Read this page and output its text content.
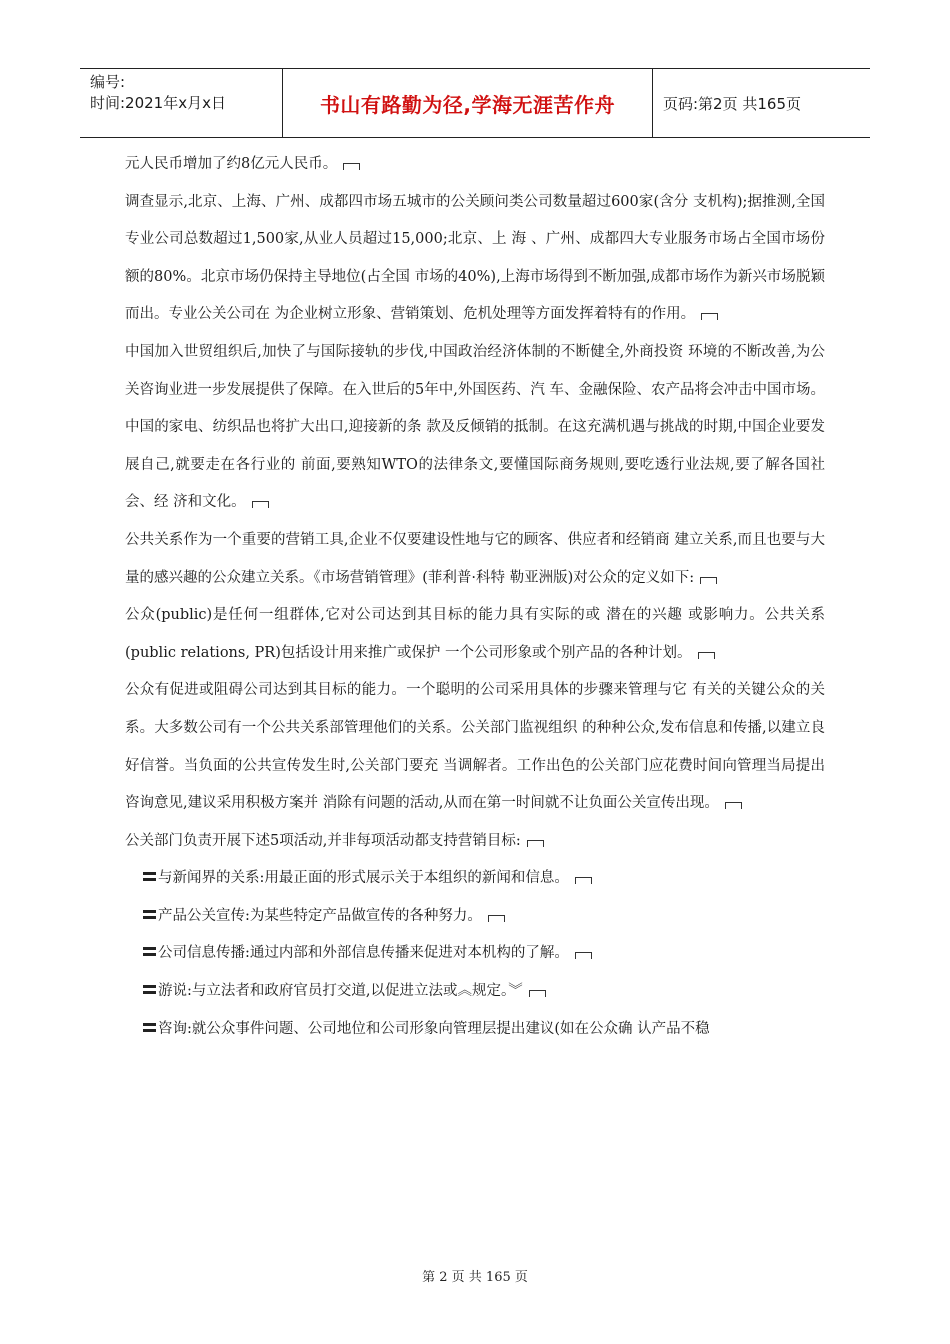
编号:
时间:2021年x月x日	书山有路勤为径,学海无涯苦作舟	页码:第2页 共165页

元人民币增加了约8亿元人民币。

调查显示,北京、上海、广州、成都四市场五城市的公关顾问类公司数量超过600家(含分 支机构);据推测,全国专业公司总数超过1,500家,从业人员超过15,000;北京、上 海 、广州、成都四大专业服务市场占全国市场份额的80%。北京市场仍保持主导地位(占全国 市场的40%),上海市场得到不断加强,成都市场作为新兴市场脱颖而出。专业公关公司在 为企业树立形象、营销策划、危机处理等方面发挥着特有的作用。

中国加入世贸组织后,加快了与国际接轨的步伐,中国政治经济体制的不断健全,外商投资 环境的不断改善,为公关咨询业进一步发展提供了保障。在入世后的5年中,外国医药、汽 车、金融保险、农产品将会冲击中国市场。中国的家电、纺织品也将扩大出口,迎接新的条 款及反倾销的抵制。在这充满机遇与挑战的时期,中国企业要发展自己,就要走在各行业的 前面,要熟知WTO的法律条文,要懂国际商务规则,要吃透行业法规,要了解各国社会、经 济和文化。

公共关系作为一个重要的营销工具,企业不仅要建设性地与它的顾客、供应者和经销商 建立关系,而且也要与大量的感兴趣的公众建立关系。《市场营销管理》(菲利普·科特 勒亚洲版)对公众的定义如下:

公众(public)是任何一组群体,它对公司达到其目标的能力具有实际的或 潜在的兴趣 或影响力。公共关系(public relations, PR)包括设计用来推广或保护 一个公司形象或个别产品的各种计划。

公众有促进或阻碍公司达到其目标的能力。一个聪明的公司采用具体的步骤来管理与它 有关的关键公众的关系。大多数公司有一个公共关系部管理他们的关系。公关部门监视组织 的种种公众,发布信息和传播,以建立良好信誉。当负面的公共宣传发生时,公关部门要充 当调解者。工作出色的公关部门应花费时间向管理当局提出咨询意见,建议采用积极方案并 消除有问题的活动,从而在第一时间就不让负面公关宣传出现。

公关部门负责开展下述5项活动,并非每项活动都支持营销目标:

与新闻界的关系:用最正面的形式展示关于本组织的新闻和信息。

产品公关宣传:为某些特定产品做宣传的各种努力。

公司信息传播:通过内部和外部信息传播来促进对本机构的了解。

游说:与立法者和政府官员打交道,以促进立法或︽规定。︾

咨询:就公众事件问题、公司地位和公司形象向管理层提出建议(如在公众确 认产品不稳

第 2 页 共 165 页
